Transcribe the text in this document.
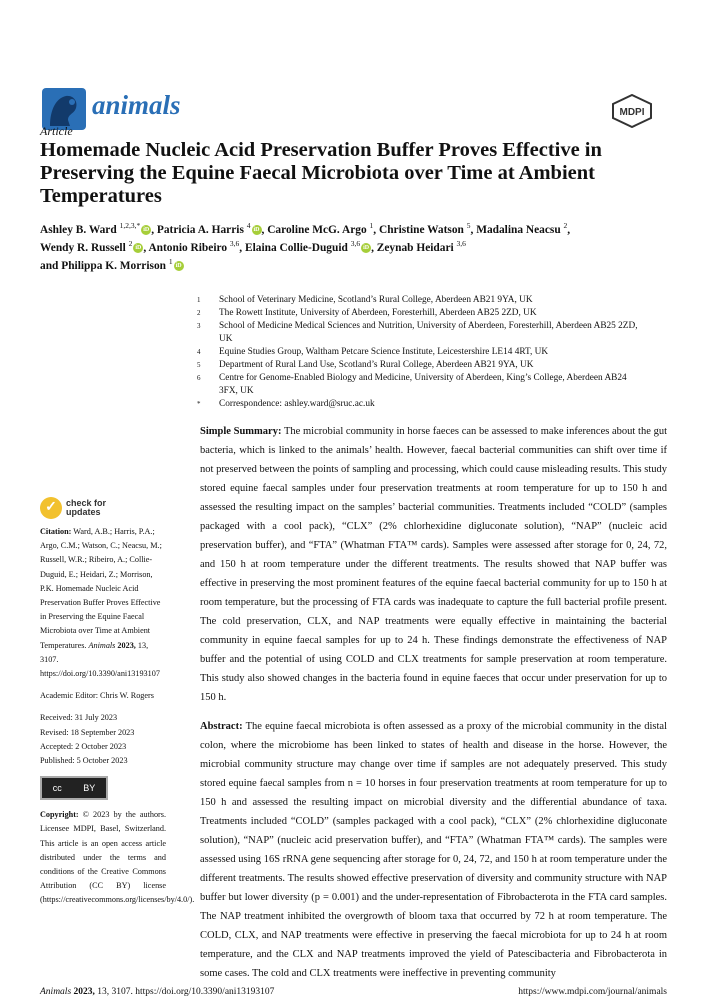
animals	MDPI
Article
Homemade Nucleic Acid Preservation Buffer Proves Effective in Preserving the Equine Faecal Microbiota over Time at Ambient Temperatures
Ashley B. Ward $^{1,2,3,*}$iD , Patricia A. Harris $^4$iD , Caroline McG. Argo $^1$, Christine Watson $^5$, Madalina Neacsu $^2$,
Wendy R. Russell $^2$iD , Antonio Ribeiro $^{3,6}$, Elaina Collie-Duguid $^{3,6}$iD , Zeynab Heidari $^{3,6}$
and Philippa K. Morrison $^1$iD
1	School of Veterinary Medicine, Scotland’s Rural College, Aberdeen AB21 9YA, UK
2	The Rowett Institute, University of Aberdeen, Foresterhill, Aberdeen AB25 2ZD, UK
3	School of Medicine Medical Sciences and Nutrition, University of Aberdeen, Foresterhill, Aberdeen AB25 2ZD, UK
4	Equine Studies Group, Waltham Petcare Science Institute, Leicestershire LE14 4RT, UK
5	Department of Rural Land Use, Scotland’s Rural College, Aberdeen AB21 9YA, UK
6	Centre for Genome-Enabled Biology and Medicine, University of Aberdeen, King’s College, Aberdeen AB24 3FX, UK
*	Correspondence: ashley.ward@sruc.ac.uk
✓	check for
updates

Citation: Ward, A.B.; Harris, P.A.; Argo, C.M.; Watson, C.; Neacsu, M.; Russell, W.R.; Ribeiro, A.; Collie-Duguid, E.; Heidari, Z.; Morrison, P.K. Homemade Nucleic Acid Preservation Buffer Proves Effective in Preserving the Equine Faecal Microbiota over Time at Ambient Temperatures. Animals 2023, 13, 3107. https://doi.org/10.3390/ani13193107

Academic Editor: Chris W. Rogers

Received: 31 July 2023
Revised: 18 September 2023
Accepted: 2 October 2023
Published: 5 October 2023

cc BY

Copyright: © 2023 by the authors. Licensee MDPI, Basel, Switzerland. This article is an open access article distributed under the terms and conditions of the Creative Commons Attribution (CC BY) license (https://creativecommons.org/licenses/by/4.0/).

Simple Summary: The microbial community in horse faeces can be assessed to make inferences about the gut bacteria, which is linked to the animals’ health. However, faecal bacterial communities can shift over time if not preserved between the points of sampling and processing, which could cause misleading results. This study stored equine faecal samples under four preservation treatments at room temperature for up to 150 h and assessed the resulting impact on the samples’ bacterial communities. Treatments included “COLD” (samples packaged with a cool pack), “CLX” (2% chlorhexidine digluconate solution), “NAP” (nucleic acid preservation buffer), and “FTA” (Whatman FTA™ cards). Samples were assessed after storage for 0, 24, 72, and 150 h at room temperature under the different treatments. The results showed that NAP buffer was effective in preserving the most prominent features of the equine faecal bacterial community for up to 150 h at room temperature, but the processing of FTA cards was inadequate to capture the full bacterial profile present. The cold preservation, CLX, and NAP treatments were equally effective in maintaining the bacterial community in equine faecal samples for up to 24 h. These findings demonstrate the effectiveness of NAP buffer and the potential of using COLD and CLX treatments for sample preservation at room temperature. This study also showed changes in the bacteria found in equine faeces that occur under preservation for up to 150 h.

Abstract: The equine faecal microbiota is often assessed as a proxy of the microbial community in the distal colon, where the microbiome has been linked to states of health and disease in the horse. However, the microbial community structure may change over time if samples are not adequately preserved. This study stored equine faecal samples from n = 10 horses in four preservation treatments at room temperature for up to 150 h and assessed the resulting impact on microbial diversity and the differential abundance of taxa. Treatments included “COLD” (samples packaged with a cool pack), “CLX” (2% chlorhexidine digluconate solution), “NAP” (nucleic acid preservation buffer), and “FTA” (Whatman FTA™ cards). The samples were assessed using 16S rRNA gene sequencing after storage for 0, 24, 72, and 150 h at room temperature under the different treatments. The results showed effective preservation of diversity and community structure with NAP buffer but lower diversity (p = 0.001) and the under-representation of Fibrobacterota in the FTA card samples. The NAP treatment inhibited the overgrowth of bloom taxa that occurred by 72 h at room temperature. The COLD, CLX, and NAP treatments were effective in preserving the faecal microbiota for up to 24 h at room temperature, and the CLX and NAP treatments improved the yield of Patescibacteria and Fibrobacterota in some cases. The cold and CLX treatments were ineffective in preventing community

Animals 2023, 13, 3107. https://doi.org/10.3390/ani13193107	https://www.mdpi.com/journal/animals
